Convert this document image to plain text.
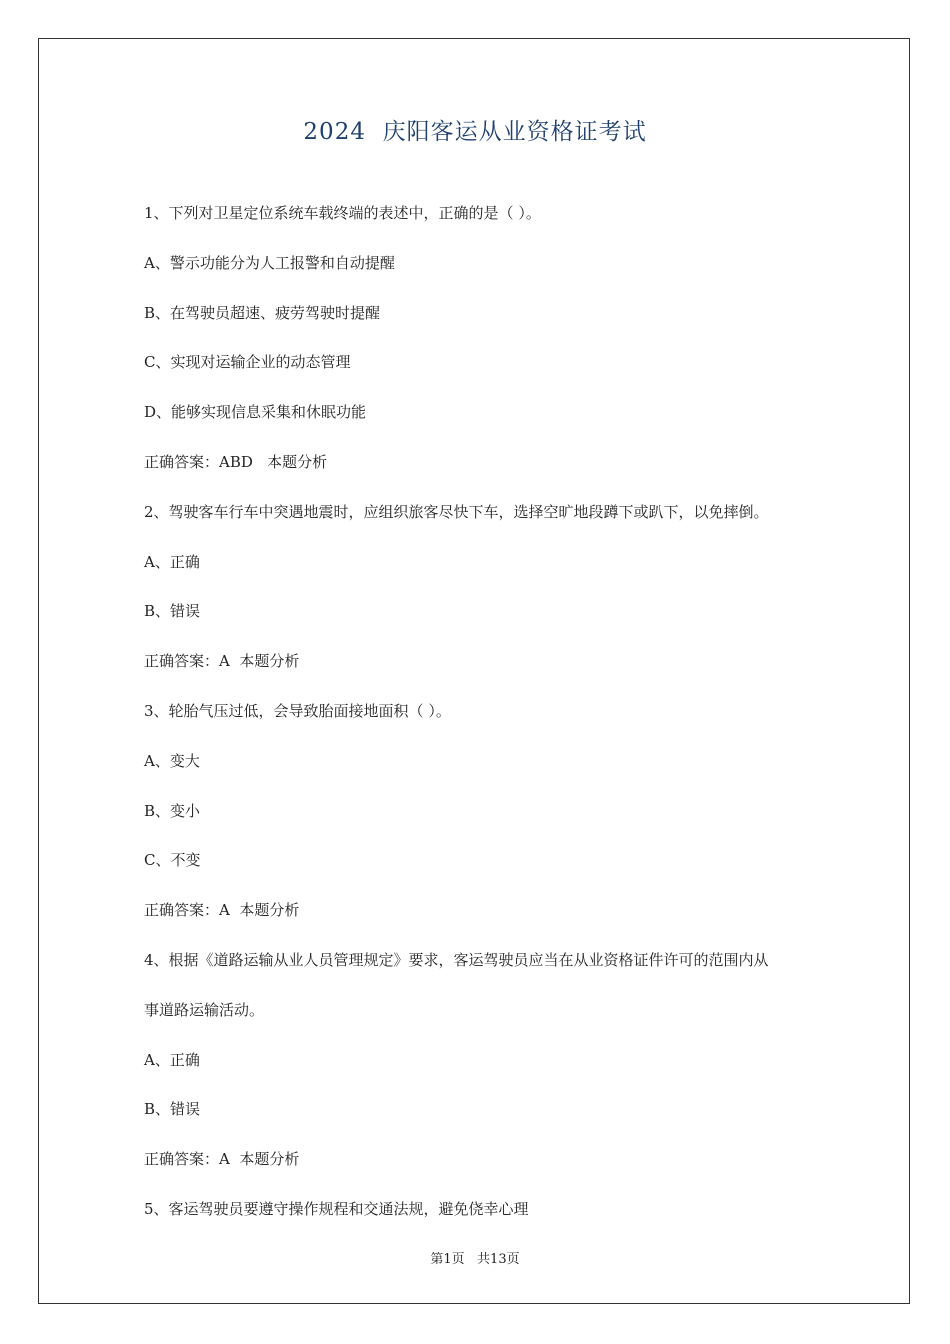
2024  庆阳客运从业资格证考试
1、下列对卫星定位系统车载终端的表述中，正确的是（ ）。
A、警示功能分为人工报警和自动提醒
B、在驾驶员超速、疲劳驾驶时提醒
C、实现对运输企业的动态管理
D、能够实现信息采集和休眠功能
正确答案：ABD   本题分析
2、驾驶客车行车中突遇地震时，应组织旅客尽快下车，选择空旷地段蹲下或趴下，以免摔倒。
A、正确
B、错误
正确答案：A  本题分析
3、轮胎气压过低，会导致胎面接地面积（ ）。
A、变大
B、变小
C、不变
正确答案：A  本题分析
4、根据《道路运输从业人员管理规定》要求，客运驾驶员应当在从业资格证件许可的范围内从
事道路运输活动。
A、正确
B、错误
正确答案：A  本题分析
5、客运驾驶员要遵守操作规程和交通法规，避免侥幸心理
第1页   共13页
